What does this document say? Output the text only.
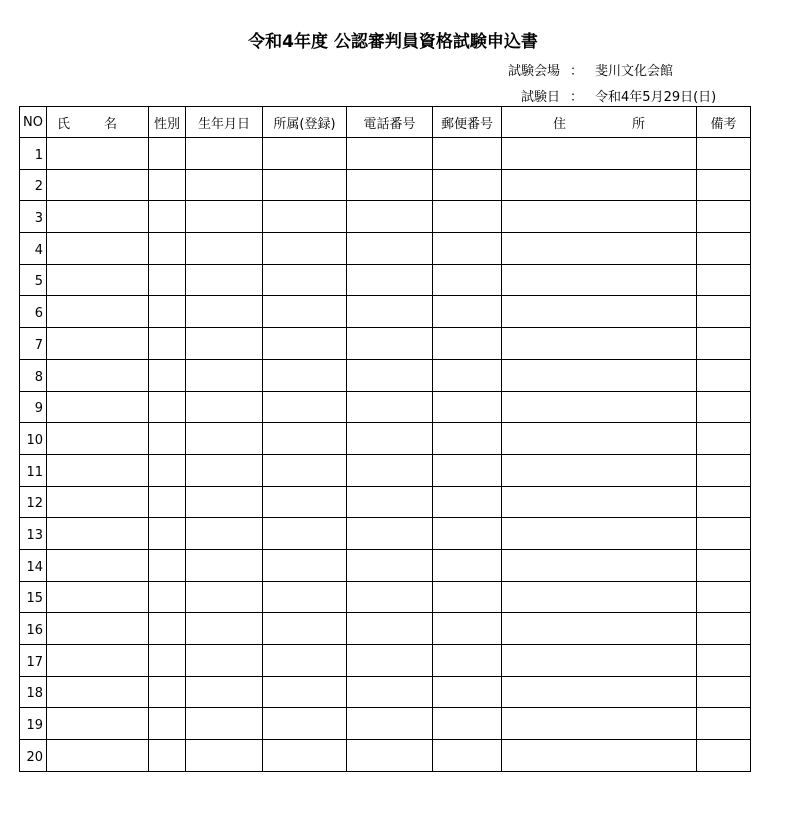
令和4年度 公認審判員資格試験申込書
試験会場 ： 斐川文化会館
試験日 ： 令和4年5月29日(日)
NO	氏 名	性別	生年月日	所属(登録)	電話番号	郵便番号	住 所	備考
1								
2								
3								
4								
5								
6								
7								
8								
9								
10								
11								
12								
13								
14								
15								
16								
17								
18								
19								
20								
